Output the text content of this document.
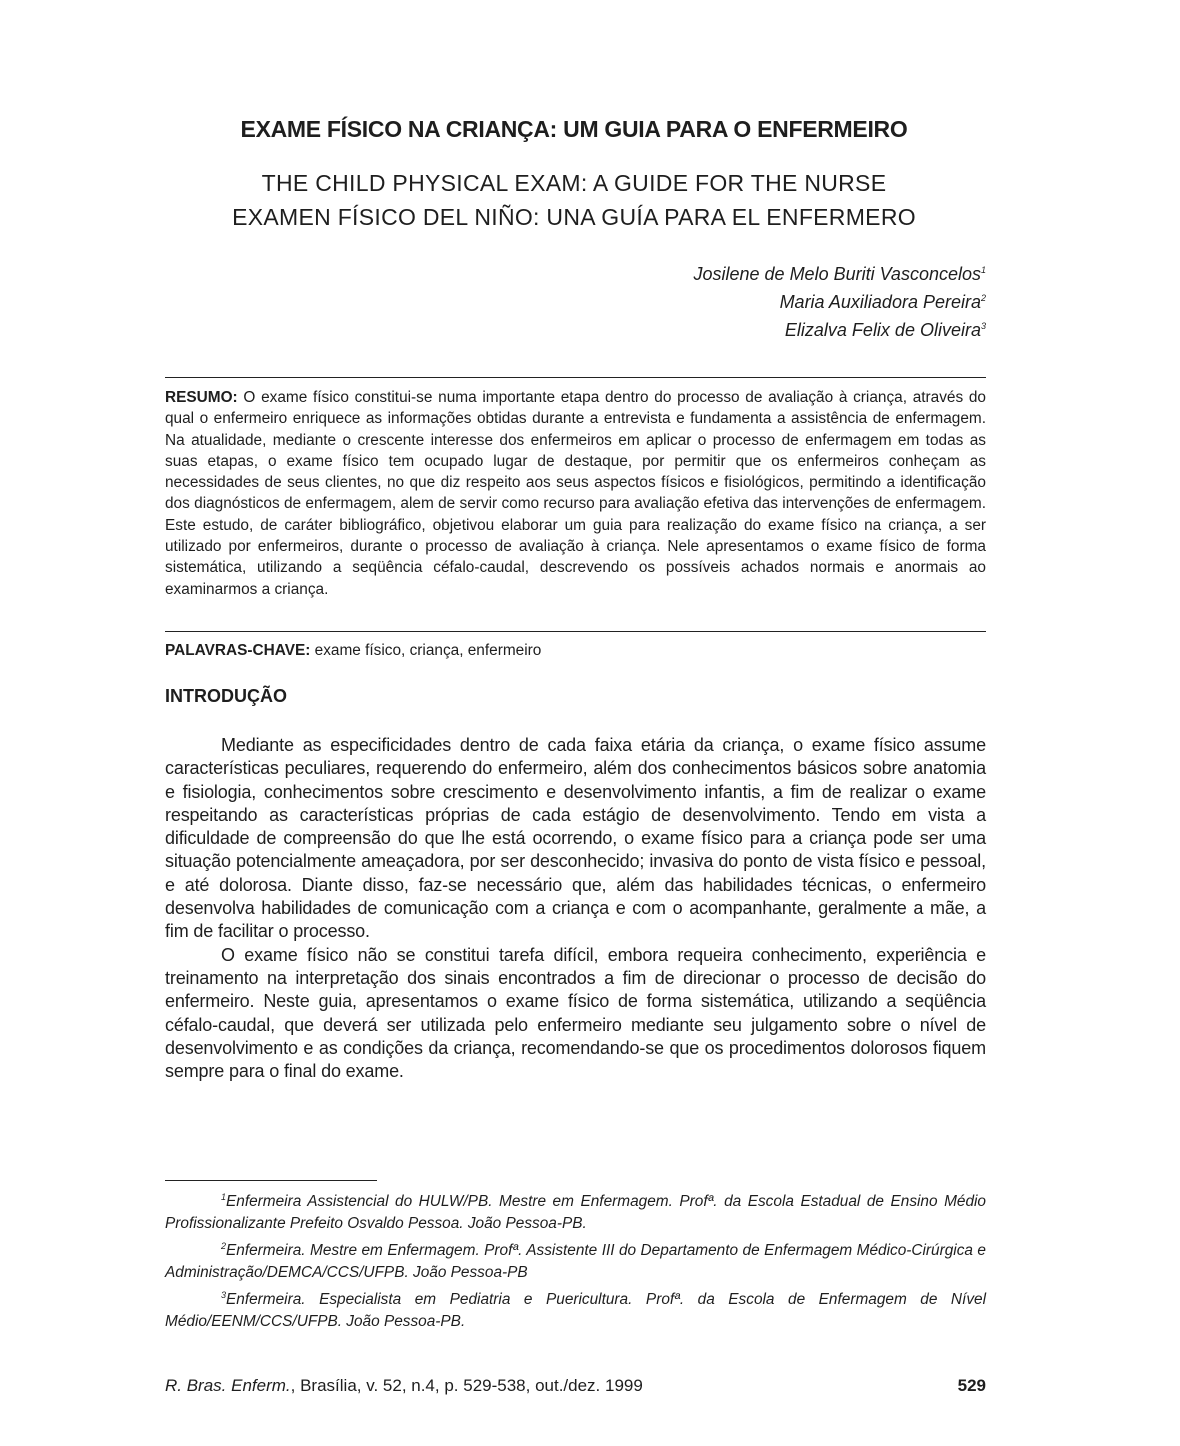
EXAME FÍSICO NA CRIANÇA: UM GUIA PARA O ENFERMEIRO
THE CHILD PHYSICAL EXAM: A GUIDE FOR THE NURSE
EXAMEN FÍSICO DEL NIÑO: UNA GUÍA PARA EL ENFERMERO
Josilene de Melo Buriti Vasconcelos$^1$
Maria Auxiliadora Pereira$^2$
Elizalva Felix de Oliveira$^3$

RESUMO: O exame físico constitui-se numa importante etapa dentro do processo de avaliação à criança, através do qual o enfermeiro enriquece as informações obtidas durante a entrevista e fundamenta a assistência de enfermagem. Na atualidade, mediante o crescente interesse dos enfermeiros em aplicar o processo de enfermagem em todas as suas etapas, o exame físico tem ocupado lugar de destaque, por permitir que os enfermeiros conheçam as necessidades de seus clientes, no que diz respeito aos seus aspectos físicos e fisiológicos, permitindo a identificação dos diagnósticos de enfermagem, alem de servir como recurso para avaliação efetiva das intervenções de enfermagem. Este estudo, de caráter bibliográfico, objetivou elaborar um guia para realização do exame físico na criança, a ser utilizado por enfermeiros, durante o processo de avaliação à criança. Nele apresentamos o exame físico de forma sistemática, utilizando a seqüência céfalo-caudal, descrevendo os possíveis achados normais e anormais ao examinarmos a criança.

PALAVRAS-CHAVE: exame físico, criança, enfermeiro

INTRODUÇÃO

Mediante as especificidades dentro de cada faixa etária da criança, o exame físico assume características peculiares, requerendo do enfermeiro, além dos conhecimentos básicos sobre anatomia e fisiologia, conhecimentos sobre crescimento e desenvolvimento infantis, a fim de realizar o exame respeitando as características próprias de cada estágio de desenvolvimento. Tendo em vista a dificuldade de compreensão do que lhe está ocorrendo, o exame físico para a criança pode ser uma situação potencialmente ameaçadora, por ser desconhecido; invasiva do ponto de vista físico e pessoal, e até dolorosa. Diante disso, faz-se necessário que, além das habilidades técnicas, o enfermeiro desenvolva habilidades de comunicação com a criança e com o acompanhante, geralmente a mãe, a fim de facilitar o processo.

O exame físico não se constitui tarefa difícil, embora requeira conhecimento, experiência e treinamento na interpretação dos sinais encontrados a fim de direcionar o processo de decisão do enfermeiro. Neste guia, apresentamos o exame físico de forma sistemática, utilizando a seqüência céfalo-caudal, que deverá ser utilizada pelo enfermeiro mediante seu julgamento sobre o nível de desenvolvimento e as condições da criança, recomendando-se que os procedimentos dolorosos fiquem sempre para o final do exame.

$^1$Enfermeira Assistencial do HULW/PB. Mestre em Enfermagem. Profª. da Escola Estadual de Ensino Médio Profissionalizante Prefeito Osvaldo Pessoa. João Pessoa-PB.

$^2$Enfermeira. Mestre em Enfermagem. Profª. Assistente III do Departamento de Enfermagem Médico-Cirúrgica e Administração/DEMCA/CCS/UFPB. João Pessoa-PB

$^3$Enfermeira. Especialista em Pediatria e Puericultura. Profª. da Escola de Enfermagem de Nível Médio/EENM/CCS/UFPB. João Pessoa-PB.

R. Bras. Enferm., Brasília, v. 52, n.4, p. 529-538, out./dez. 1999	529
